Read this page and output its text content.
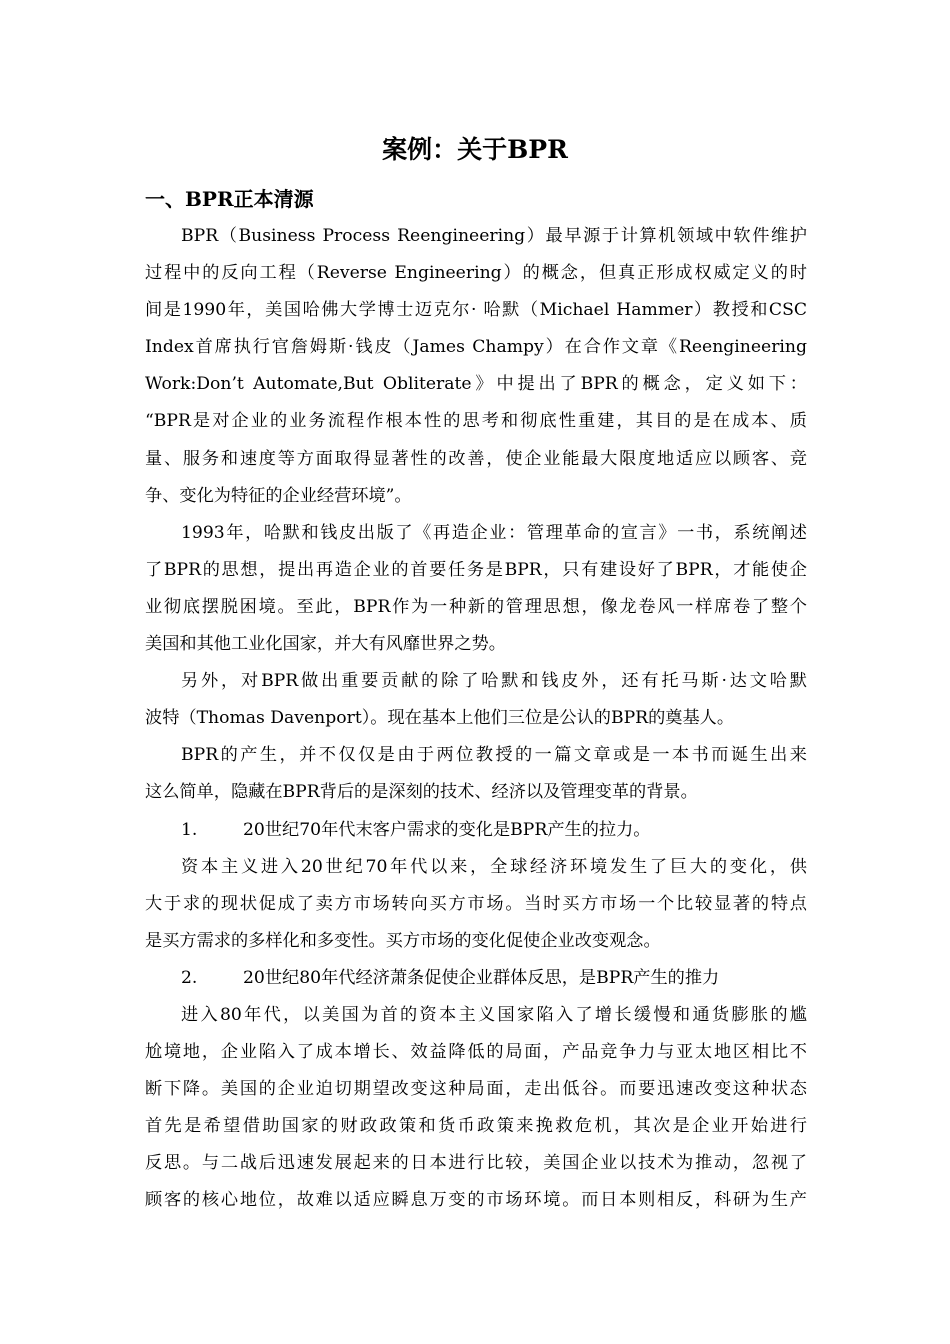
案例：关于BPR
一、BPR正本清源
BPR（Business Process Reengineering）最早源于计算机领域中软件维护
过程中的反向工程（Reverse Engineering）的概念，但真正形成权威定义的时
间是1990年，美国哈佛大学博士迈克尔· 哈默（Michael Hammer）教授和CSC
Index首席执行官詹姆斯·钱皮（James Champy）在合作文章《Reengineering
Work:Don’t Automate,But Obliterate》中提出了BPR的概念，定义如下：
“BPR是对企业的业务流程作根本性的思考和彻底性重建，其目的是在成本、质
量、服务和速度等方面取得显著性的改善，使企业能最大限度地适应以顾客、竞
争、变化为特征的企业经营环境”。
1993年，哈默和钱皮出版了《再造企业：管理革命的宣言》一书，系统阐述
了BPR的思想，提出再造企业的首要任务是BPR，只有建设好了BPR，才能使企
业彻底摆脱困境。至此，BPR作为一种新的管理思想，像龙卷风一样席卷了整个
美国和其他工业化国家，并大有风靡世界之势。
另外，对BPR做出重要贡献的除了哈默和钱皮外，还有托马斯·达文哈默
波特（Thomas Davenport）。现在基本上他们三位是公认的BPR的奠基人。
BPR的产生，并不仅仅是由于两位教授的一篇文章或是一本书而诞生出来
这么简单，隐藏在BPR背后的是深刻的技术、经济以及管理变革的背景。
1.	20世纪70年代末客户需求的变化是BPR产生的拉力。
资本主义进入20世纪70年代以来，全球经济环境发生了巨大的变化，供
大于求的现状促成了卖方市场转向买方市场。当时买方市场一个比较显著的特点
是买方需求的多样化和多变性。买方市场的变化促使企业改变观念。
2.	20世纪80年代经济萧条促使企业群体反思，是BPR产生的推力
进入80年代，以美国为首的资本主义国家陷入了增长缓慢和通货膨胀的尴
尬境地，企业陷入了成本增长、效益降低的局面，产品竞争力与亚太地区相比不
断下降。美国的企业迫切期望改变这种局面，走出低谷。而要迅速改变这种状态
首先是希望借助国家的财政政策和货币政策来挽救危机，其次是企业开始进行
反思。与二战后迅速发展起来的日本进行比较，美国企业以技术为推动，忽视了
顾客的核心地位，故难以适应瞬息万变的市场环境。而日本则相反，科研为生产
